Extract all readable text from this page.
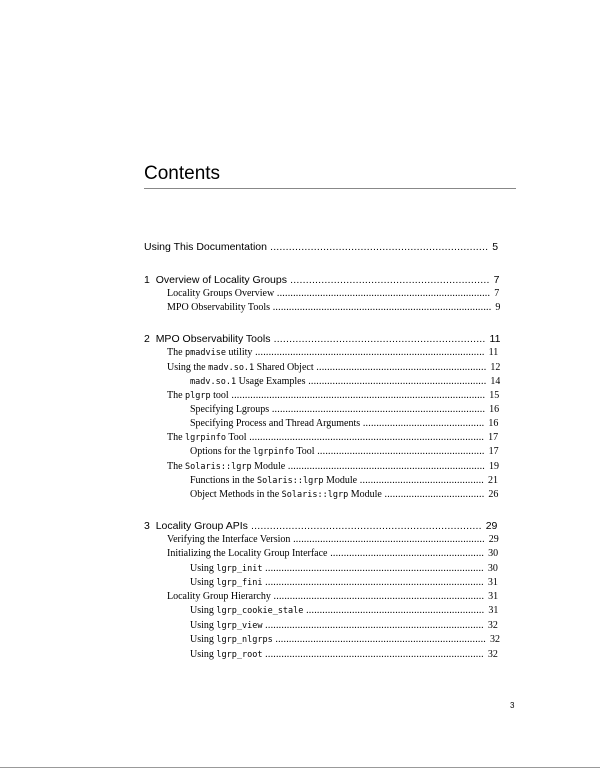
Contents
Using This Documentation ...................................................................... 5
1 Overview of Locality Groups ................................................................ 7
Locality Groups Overview ............................................................................... 7
MPO Observability Tools ................................................................................. 9
2 MPO Observability Tools .................................................................... 11
The pmadvise utility ..................................................................................... 11
Using the madv.so.1 Shared Object ............................................................... 12
madv.so.1 Usage Examples .................................................................. 14
The plgrp tool .............................................................................................. 15
Specifying Lgroups ............................................................................... 16
Specifying Process and Thread Arguments ............................................. 16
The lgrpinfo Tool ....................................................................................... 17
Options for the lgrpinfo Tool .............................................................. 17
The Solaris::lgrp Module ......................................................................... 19
Functions in the Solaris::lgrp Module .............................................. 21
Object Methods in the Solaris::lgrp Module ..................................... 26
3 Locality Group APIs .......................................................................... 29
Verifying the Interface Version ....................................................................... 29
Initializing the Locality Group Interface ......................................................... 30
Using lgrp_init ................................................................................. 30
Using lgrp_fini ................................................................................. 31
Locality Group Hierarchy .............................................................................. 31
Using lgrp_cookie_stale .................................................................. 31
Using lgrp_view ................................................................................. 32
Using lgrp_nlgrps .............................................................................. 32
Using lgrp_root ................................................................................. 32
3
